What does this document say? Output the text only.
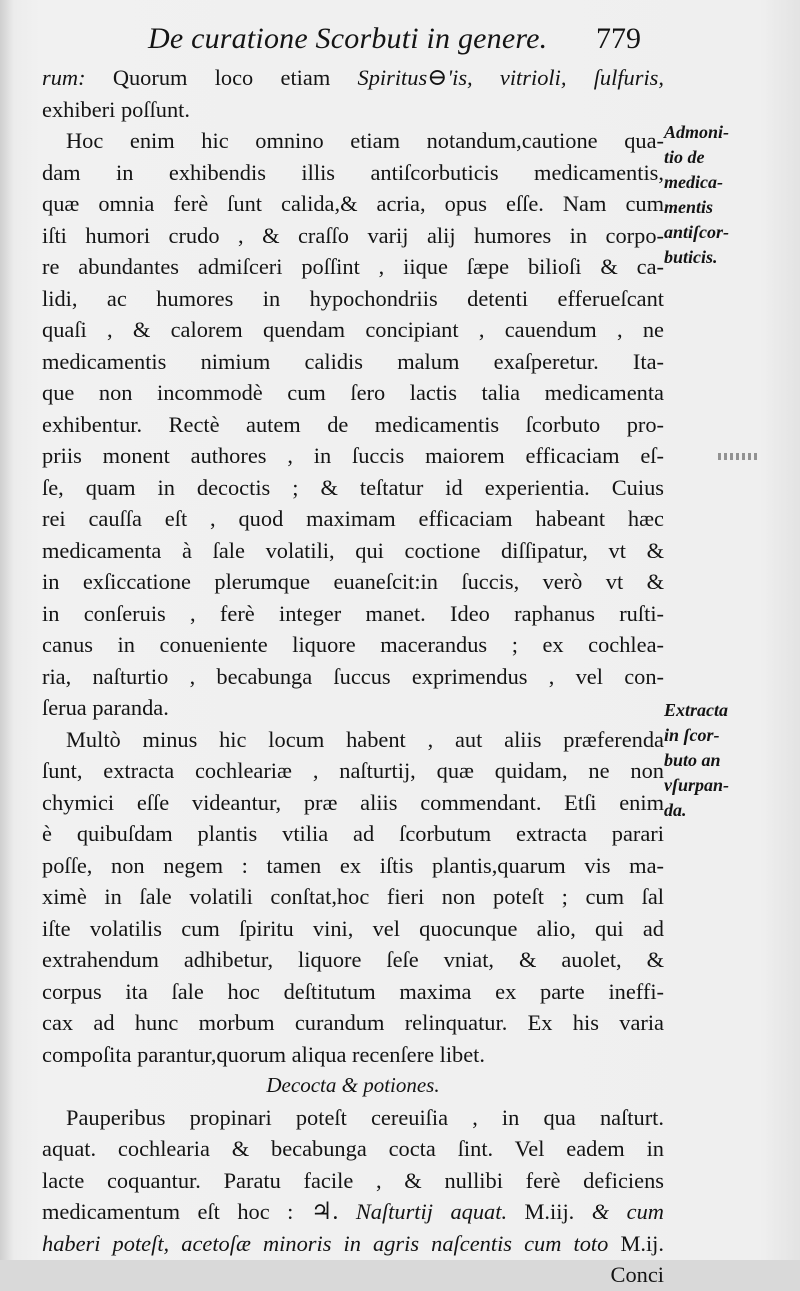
De curatione Scorbuti in genere. 779
rum: Quorum loco etiam Spiritus⊖'is, vitrioli, ſulfuris,
exhiberi poſſunt.
Hoc enim hic omnino etiam notandum,cautione qua-
dam in exhibendis illis antiſcorbuticis medicamentis,
quæ omnia ferè ſunt calida,& acria, opus eſſe. Nam cum
iſti humori crudo , & craſſo varij alij humores in corpo-
re abundantes admiſceri poſſint , iique ſæpe bilioſi & ca-
lidi, ac humores in hypochondriis detenti efferueſcant
quaſi , & calorem quendam concipiant , cauendum , ne
medicamentis nimium calidis malum exaſperetur. Ita-
que non incommodè cum ſero lactis talia medicamenta
exhibentur. Rectè autem de medicamentis ſcorbuto pro-
priis monent authores , in ſuccis maiorem efficaciam eſ-
ſe, quam in decoctis ; & teſtatur id experientia. Cuius
rei cauſſa eſt , quod maximam efficaciam habeant hæc
medicamenta à ſale volatili, qui coctione diſſipatur, vt &
in exſiccatione plerumque euaneſcit:in ſuccis, verò vt &
in conſeruis , ferè integer manet. Ideo raphanus ruſti-
canus in conueniente liquore macerandus ; ex cochlea-
ria, naſturtio , becabunga ſuccus exprimendus , vel con-
ſerua paranda.
Multò minus hic locum habent , aut aliis præferenda
ſunt, extracta cochleariæ , naſturtij, quæ quidam, ne non
chymici eſſe videantur, præ aliis commendant. Etſi enim
è quibuſdam plantis vtilia ad ſcorbutum extracta parari
poſſe, non negem : tamen ex iſtis plantis,quarum vis ma-
ximè in ſale volatili conſtat,hoc fieri non poteſt ; cum ſal
iſte volatilis cum ſpiritu vini, vel quocunque alio, qui ad
extrahendum adhibetur, liquore ſeſe vniat, & auolet, &
corpus ita ſale hoc deſtitutum maxima ex parte ineffi-
cax ad hunc morbum curandum relinquatur. Ex his varia
compoſita parantur,quorum aliqua recenſere libet.
Decocta & potiones.
Pauperibus propinari poteſt cereuiſia , in qua naſturt.
aquat. cochlearia & becabunga cocta ſint. Vel eadem in
lacte coquantur. Paratu facile , & nullibi ferè deficiens
medicamentum eſt hoc : ♃. Naſturtij aquat. M.iij. & cum
haberi poteſt, acetoſæ minoris in agris naſcentis cum toto M.ij.
Conci
Admoni-
tio de
medica-
mentis
antiſcor-
buticis.
Extracta
in ſcor-
buto an
vſurpan-
da.
